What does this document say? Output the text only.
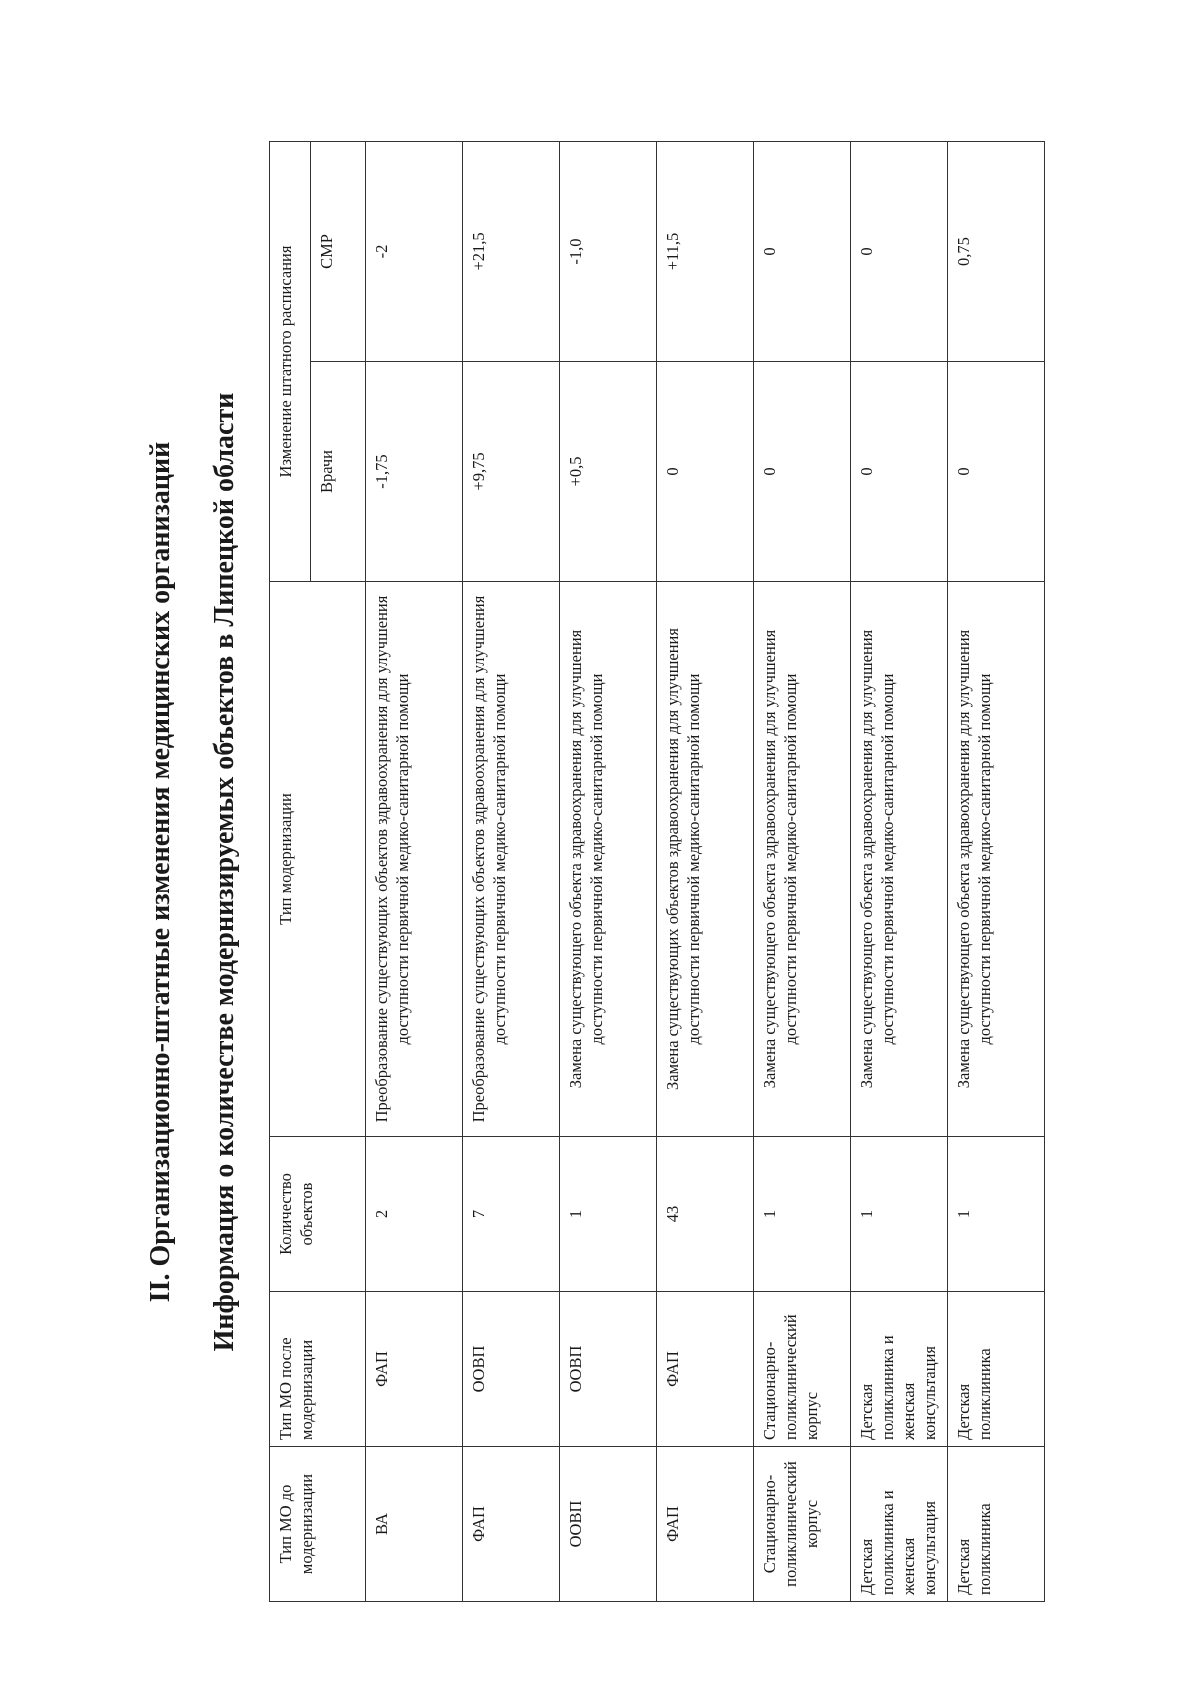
II. Организационно-штатные изменения медицинских организаций Информация о количестве модернизируемых объектов в Липецкой области
Тип МО до модернизации	Тип МО после модернизации	Количество объектов	Тип модернизации	Изменение штатного расписания	
				Врачи	СМР
ВА	ФАП	2	Преобразование существующих объектов здравоохранения для улучшения доступности первичной медико-санитарной помощи	-1,75	-2
ФАП	ООВП	7	Преобразование существующих объектов здравоохранения для улучшения доступности первичной медико-санитарной помощи	+9,75	+21,5
ООВП	ООВП	1	Замена существующего объекта здравоохранения для улучшения доступности первичной медико-санитарной помощи	+0,5	-1,0
ФАП	ФАП	43	Замена существующих объектов здравоохранения для улучшения доступности первичной медико-санитарной помощи	0	+11,5
Стационарно-поликлинический корпус	Стационарно-поликлинический корпус	1	Замена существующего объекта здравоохранения для улучшения доступности первичной медико-санитарной помощи	0	0
Детская поликлиника и женская консультация	Детская поликлиника и женская консультация	1	Замена существующего объекта здравоохранения для улучшения доступности первичной медико-санитарной помощи	0	0
Детская поликлиника	Детская поликлиника	1	Замена существующего объекта здравоохранения для улучшения доступности первичной медико-санитарной помощи	0	0,75
